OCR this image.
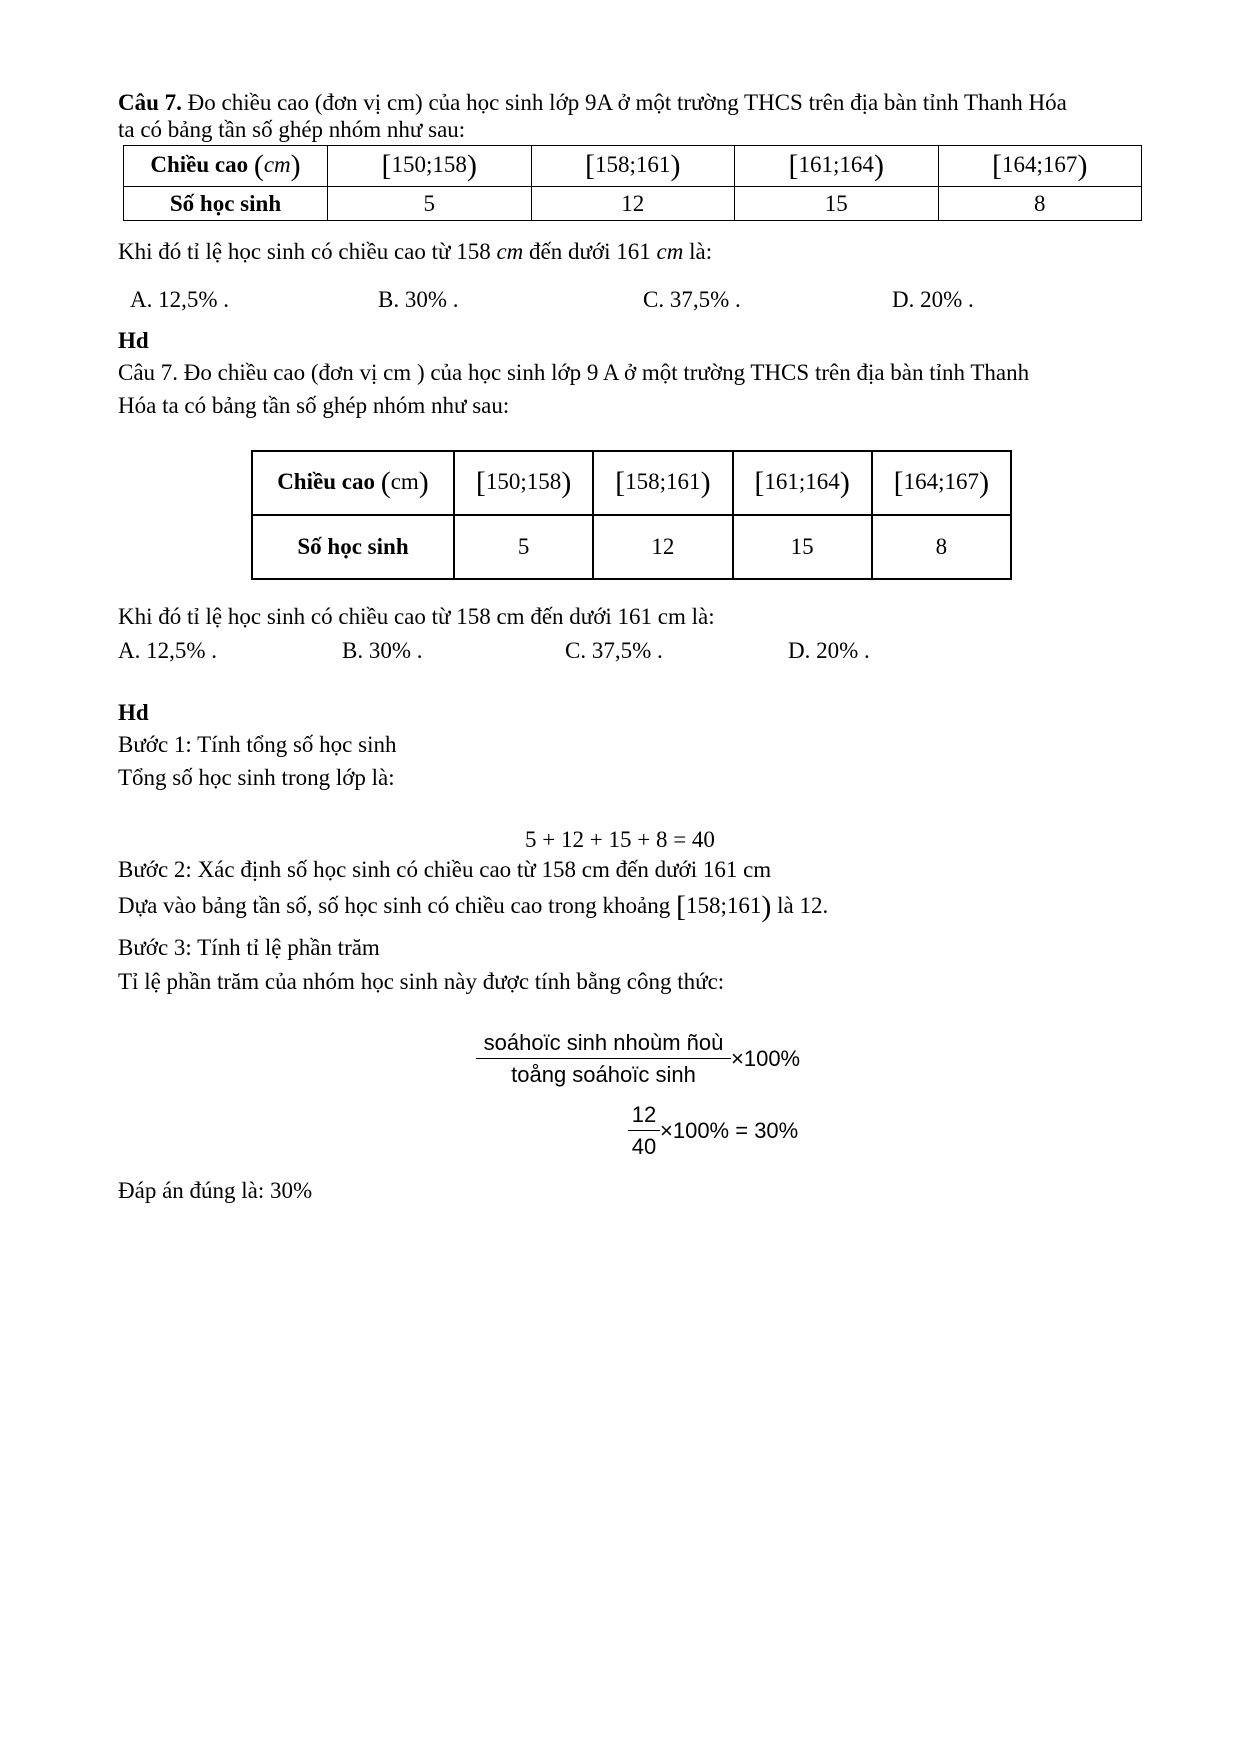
Câu 7. Đo chiều cao (đơn vị cm) của học sinh lớp 9A ở một trường THCS trên địa bàn tỉnh Thanh Hóa
ta có bảng tần số ghép nhóm như sau:
Chiều cao (cm)	[150;158)	[158;161)	[161;164)	[164;167)
Số học sinh	5	12	15	8
Khi đó tỉ lệ học sinh có chiều cao từ 158 cm đến dưới 161 cm là:
A. 12,5% .	B. 30% .	C. 37,5% .	D. 20% .
Hd
Câu 7. Đo chiều cao (đơn vị cm ) của học sinh lớp 9 A ở một trường THCS trên địa bàn tỉnh Thanh
Hóa ta có bảng tần số ghép nhóm như sau:
Chiều cao (cm)	[150;158)	[158;161)	[161;164)	[164;167)
Số học sinh	5	12	15	8
Khi đó tỉ lệ học sinh có chiều cao từ 158 cm đến dưới 161 cm là:
A. 12,5% .	B. 30% .	C. 37,5% .	D. 20% .
Hd
Bước 1: Tính tổng số học sinh
Tổng số học sinh trong lớp là:
5 + 12 + 15 + 8 = 40
Bước 2: Xác định số học sinh có chiều cao từ 158 cm đến dưới 161 cm
Dựa vào bảng tần số, số học sinh có chiều cao trong khoảng [158;161) là 12.
Bước 3: Tính tỉ lệ phần trăm
Tỉ lệ phần trăm của nhóm học sinh này được tính bằng công thức:
$\frac{\text{soáhoïc sinh nhoùm ñoù}}{\text{toång soáhoïc sinh}} \times 100\%$
$\frac{12}{40} \times 100\% = 30\%$
Đáp án đúng là: 30%
